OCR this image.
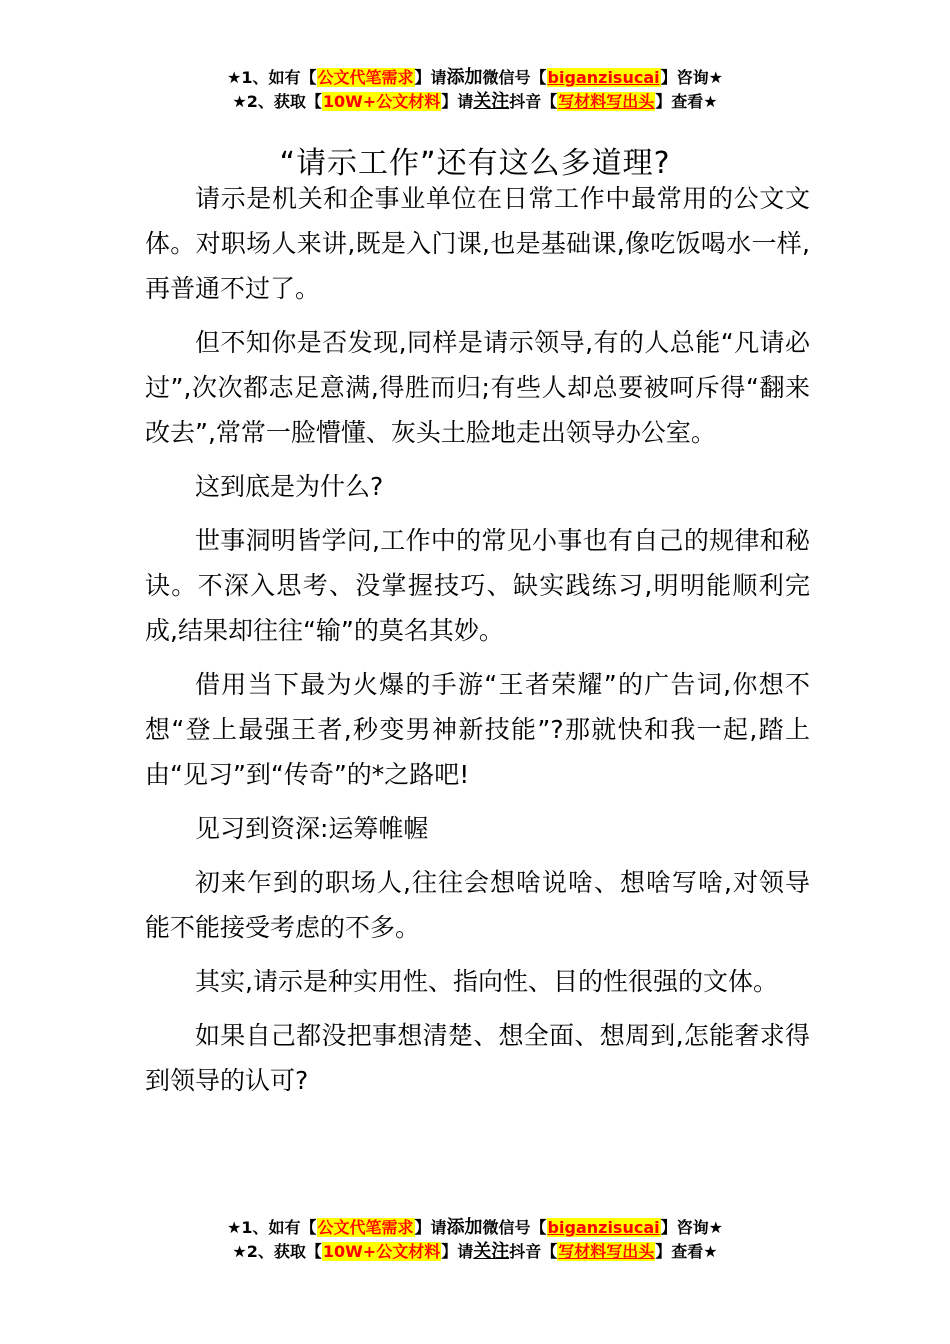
★1、如有【公文代笔需求】请添加微信号【biganzisucai】咨询★
★2、获取【10W+公文材料】请关注抖音【写材料写出头】查看★
“请示工作”还有这么多道理?

请示是机关和企事业单位在日常工作中最常用的公文文体。对职场人来讲,既是入门课,也是基础课,像吃饭喝水一样,再普通不过了。

但不知你是否发现,同样是请示领导,有的人总能“凡请必过”,次次都志足意满,得胜而归;有些人却总要被呵斥得“翻来改去”,常常一脸懵懂、灰头土脸地走出领导办公室。

这到底是为什么?

世事洞明皆学问,工作中的常见小事也有自己的规律和秘诀。不深入思考、没掌握技巧、缺实践练习,明明能顺利完成,结果却往往“输”的莫名其妙。

借用当下最为火爆的手游“王者荣耀”的广告词,你想不想“登上最强王者,秒变男神新技能”?那就快和我一起,踏上由“见习”到“传奇”的*之路吧!

见习到资深:运筹帷幄

初来乍到的职场人,往往会想啥说啥、想啥写啥,对领导能不能接受考虑的不多。

其实,请示是种实用性、指向性、目的性很强的文体。

如果自己都没把事想清楚、想全面、想周到,怎能奢求得到领导的认可?

★1、如有【公文代笔需求】请添加微信号【biganzisucai】咨询★
★2、获取【10W+公文材料】请关注抖音【写材料写出头】查看★
